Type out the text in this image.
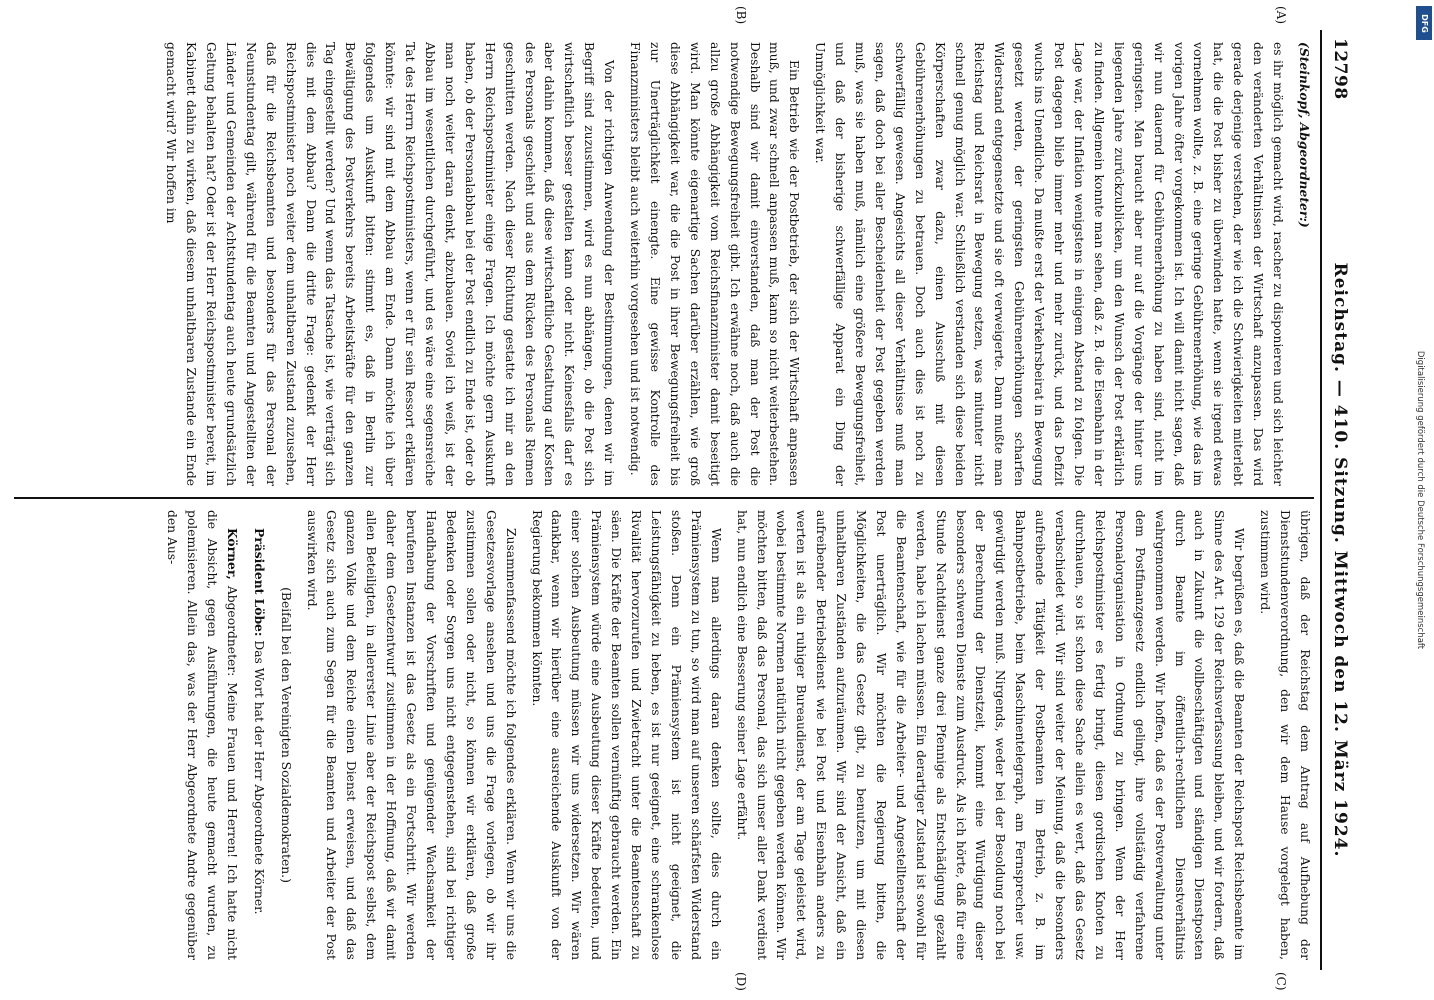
12798
Reichstag. — 410. Sitzung. Mittwoch den 12. März 1924.
(A)
(B)
(C)
(D)

(Steinkopf, Abgeordneter:)

es ihr möglich gemacht wird, rascher zu disponieren und sich leichter den veränderten Verhältnissen der Wirtschaft anzupassen. Das wird gerade derjenige verstehen, der wie ich die Schwierigkeiten miterlebt hat, die die Post bisher zu überwinden hatte, wenn sie irgend etwas vornehmen wollte, z. B. eine geringe Gebührenerhöhung, wie das im vorigen Jahre öfter vorgekommen ist. Ich will damit nicht sagen, daß wir nun dauernd für Gebührenerhöhung zu haben sind, nicht im geringsten. Man braucht aber nur auf die Vorgänge der hinter uns liegenden Jahre zurückzublicken, um den Wunsch der Post erklärlich zu finden. Allgemein konnte man sehen, daß z. B. die Eisenbahn in der Lage war, der Inflation wenigstens in einigem Abstand zu folgen. Die Post dagegen blieb immer mehr und mehr zurück, und das Defizit wuchs ins Unendliche. Da mußte erst der Verkehrsbeirat in Bewegung gesetzt werden, der geringsten Gebührenerhöhungen scharfen Widerstand entgegensetzte und sie oft verweigerte. Dann mußte man Reichstag und Reichsrat in Bewegung setzen, was mitunter nicht schnell genug möglich war. Schließlich verstanden sich diese beiden Körperschaften zwar dazu, einen Ausschuß mit diesen Gebührenerhöhungen zu betrauen. Doch auch dies ist noch zu schwerfällig gewesen. Angesichts all dieser Verhältnisse muß man sagen, daß doch bei aller Bescheidenheit der Post gegeben werden muß, was sie haben muß, nämlich eine größere Bewegungsfreiheit, und daß der bisherige schwerfällige Apparat ein Ding der Unmöglichkeit war.

Ein Betrieb wie der Postbetrieb, der sich der Wirtschaft anpassen muß, und zwar schnell anpassen muß, kann so nicht weiterbestehen. Deshalb sind wir damit einverstanden, daß man der Post die notwendige Bewegungsfreiheit gibt. Ich erwähne noch, daß auch die allzu große Abhängigkeit vom Reichsfinanzminister damit beseitigt wird. Man könnte eigenartige Sachen darüber erzählen, wie groß diese Abhängigkeit war, die die Post in ihrer Bewegungsfreiheit bis zur Unerträglichkeit einengte. Eine gewisse Kontrolle des Finanzministers bleibt auch weiterhin vorgesehen und ist notwendig.

Von der richtigen Anwendung der Bestimmungen, denen wir im Begriff sind zuzustimmen, wird es nun abhängen, ob die Post sich wirtschaftlich besser gestalten kann oder nicht. Keinesfalls darf es aber dahin kommen, daß diese wirtschaftliche Gestaltung auf Kosten des Personals geschieht und aus dem Rücken des Personals Riemen geschnitten werden. Nach dieser Richtung gestatte ich mir an den Herrn Reichspostminister einige Fragen. Ich möchte gern Auskunft haben, ob der Personalabbau bei der Post endlich zu Ende ist, oder ob man noch weiter daran denkt, abzubauen. Soviel ich weiß, ist der Abbau im wesentlichen durchgeführt, und es wäre eine segensreiche Tat des Herrn Reichspostministers, wenn er für sein Ressort erklären könnte: wir sind mit dem Abbau am Ende. Dann möchte ich über folgendes um Auskunft bitten: stimmt es, daß in Berlin zur Bewältigung des Postverkehrs bereits Arbeitskräfte für den ganzen Tag eingestellt werden? Und wenn das Tatsache ist, wie verträgt sich dies mit dem Abbau? Dann die dritte Frage: gedenkt der Herr Reichspostminister noch weiter dem unhaltbaren Zustand zuzusehen, daß für die Reichsbeamten und besonders für das Personal der Neunstundentag gilt, während für die Beamten und Angestellten der Länder und Gemeinden der Achtstundentag auch heute grundsätzlich Geltung behalten hat? Oder ist der Herr Reichspostminister bereit, im Kabinett dahin zu wirken, daß diesem unhaltbaren Zustande ein Ende gemacht wird? Wir hoffen im

übrigen, daß der Reichstag dem Antrag auf Aufhebung der Dienststundenverordnung, den wir dem Hause vorgelegt haben, zustimmen wird.

Wir begrüßen es, daß die Beamten der Reichspost Reichsbeamte im Sinne des Art. 129 der Reichsverfassung bleiben, und wir fordern, daß auch in Zukunft die vollbeschäftigten und ständigen Dienstposten durch Beamte im öffentlich-rechtlichen Dienstverhältnis wahrgenommen werden. Wir hoffen, daß es der Postverwaltung unter dem Postfinanzgesetz endlich gelingt, ihre vollständig verfahrene Personalorganisation in Ordnung zu bringen. Wenn der Herr Reichspostminister es fertig bringt, diesen gordischen Knoten zu durchhauen, so ist schon diese Sache allein es wert, daß das Gesetz verabschiedet wird. Wir sind weiter der Meinung, daß die besonders aufreibende Tätigkeit der Postbeamten im Betrieb, z. B. im Bahnpostbetriebe, beim Maschinentelegraph, am Fernsprecher usw. gewürdigt werden muß. Nirgends, weder bei der Besoldung noch bei der Berechnung der Dienstzeit, kommt eine Würdigung dieser besonders schweren Dienste zum Ausdruck. Als ich hörte, daß für eine Stunde Nachtdienst ganze drei Pfennige als Entschädigung gezahlt werden, habe ich lachen müssen. Ein derartiger Zustand ist sowohl für die Beamtenschaft, wie für die Arbeiter- und Angestelltenschaft der Post unerträglich. Wir möchten die Regierung bitten, die Möglichkeiten, die das Gesetz gibt, zu benutzen, um mit diesen unhaltbaren Zuständen aufzuräumen. Wir sind der Ansicht, daß ein aufreibender Betriebsdienst wie bei Post und Eisenbahn anders zu werten ist als ein ruhiger Bureaudienst, der am Tage geleistet wird, wobei bestimmte Normen natürlich nicht gegeben werden können. Wir möchten bitten, daß das Personal, das sich unser aller Dank verdient hat, nun endlich eine Besserung seiner Lage erfährt.

Wenn man allerdings daran denken sollte, dies durch ein Prämiensystem zu tun, so wird man auf unseren schärfsten Widerstand stoßen. Denn ein Prämiensystem ist nicht geeignet, die Leistungsfähigkeit zu heben, es ist nur geeignet, eine schrankenlose Rivalität hervorzurufen und Zwietracht unter die Beamtenschaft zu säen. Die Kräfte der Beamten sollen vernünftig gebraucht werden. Ein Prämiensystem würde eine Ausbeutung dieser Kräfte bedeuten, und einer solchen Ausbeutung müssen wir uns widersetzen. Wir wären dankbar, wenn wir hierüber eine ausreichende Auskunft von der Regierung bekommen könnten.

Zusammenfassend möchte ich folgendes erklären. Wenn wir uns die Gesetzesvorlage ansehen und uns die Frage vorlegen, ob wir ihr zustimmen sollen oder nicht, so können wir erklären, daß große Bedenken oder Sorgen uns nicht entgegenstehen, sind bei richtiger Handhabung der Vorschriften und genügender Wachsamkeit der berufenen Instanzen ist das Gesetz als ein Fortschritt. Wir werden daher dem Gesetzentwurf zustimmen in der Hoffnung, daß wir damit allen Beteiligten, in allererster Linie aber der Reichspost selbst, dem ganzen Volke und dem Reiche einen Dienst erweisen, und daß das Gesetz sich auch zum Segen für die Beamten und Arbeiter der Post auswirken wird.

(Beifall bei den Vereinigten Sozialdemokraten.)

Präsident Löbe: Das Wort hat der Herr Abgeordnete Körner.

Körner, Abgeordneter: Meine Frauen und Herren! Ich hatte nicht die Absicht, gegen Ausführungen, die heute gemacht wurden, zu polemisieren. Allein das, was der Herr Abgeordnete Andre gegenüber den Aus-	Digitalisierung gefördert durch die Deutsche Forschungsgemeinschaft
DFG
